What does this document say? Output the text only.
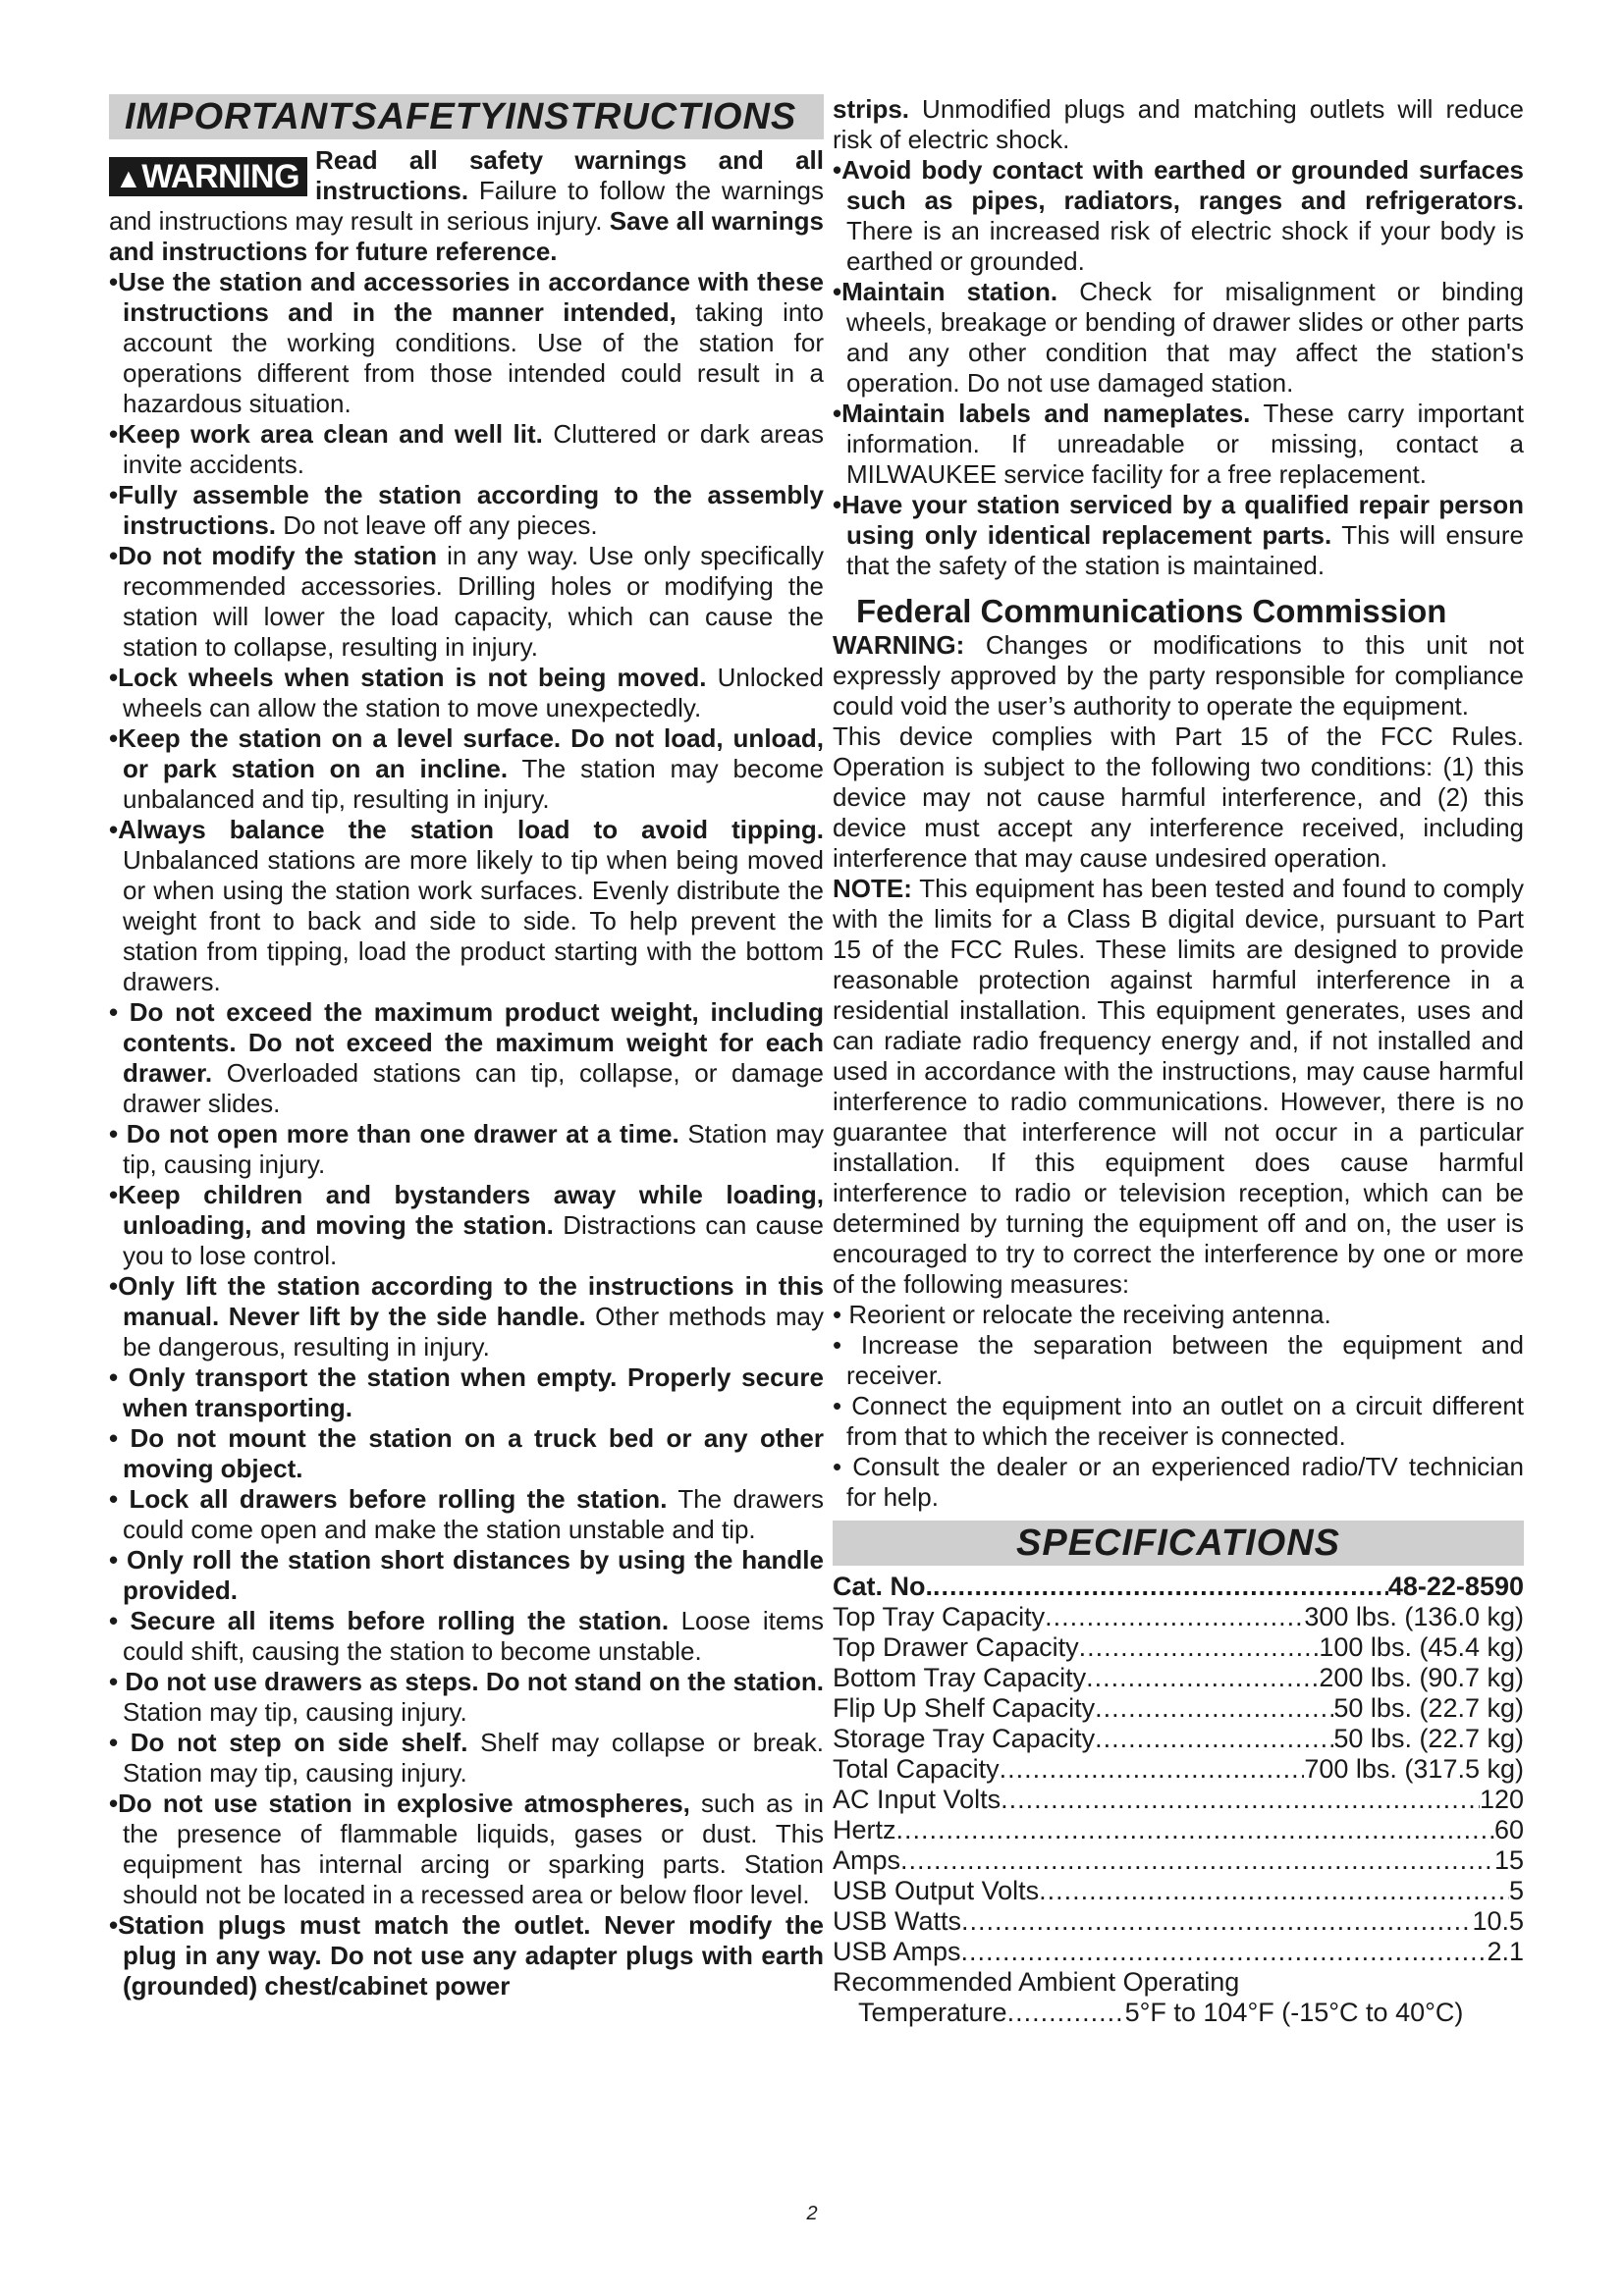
IMPORTANTSAFETYINSTRUCTIONS
▲WARNING Read all safety warnings and all instructions. Failure to follow the warnings and instructions may result in serious injury. Save all warnings and instructions for future reference.

•Use the station and accessories in accordance with these instructions and in the manner intended, taking into account the working conditions. Use of the station for operations different from those intended could result in a hazardous situation.

•Keep work area clean and well lit. Cluttered or dark areas invite accidents.

•Fully assemble the station according to the assembly instructions. Do not leave off any pieces.

•Do not modify the station in any way. Use only specifically recommended accessories. Drilling holes or modifying the station will lower the load capacity, which can cause the station to collapse, resulting in injury.

•Lock wheels when station is not being moved. Unlocked wheels can allow the station to move unexpectedly.

•Keep the station on a level surface. Do not load, unload, or park station on an incline. The station may become unbalanced and tip, resulting in injury.

•Always balance the station load to avoid tipping. Unbalanced stations are more likely to tip when being moved or when using the station work surfaces. Evenly distribute the weight front to back and side to side. To help prevent the station from tipping, load the product starting with the bottom drawers.

• Do not exceed the maximum product weight, including contents. Do not exceed the maximum weight for each drawer. Overloaded stations can tip, collapse, or damage drawer slides.

• Do not open more than one drawer at a time. Station may tip, causing injury.

•Keep children and bystanders away while loading, unloading, and moving the station. Distractions can cause you to lose control.

•Only lift the station according to the instructions in this manual. Never lift by the side handle. Other methods may be dangerous, resulting in injury.

• Only transport the station when empty. Properly secure when transporting.

• Do not mount the station on a truck bed or any other moving object.

• Lock all drawers before rolling the station. The drawers could come open and make the station unstable and tip.

• Only roll the station short distances by using the handle provided.

• Secure all items before rolling the station. Loose items could shift, causing the station to become unstable.

• Do not use drawers as steps. Do not stand on the station. Station may tip, causing injury.

• Do not step on side shelf. Shelf may collapse or break. Station may tip, causing injury.

•Do not use station in explosive atmospheres, such as in the presence of flammable liquids, gases or dust. This equipment has internal arcing or sparking parts. Station should not be located in a recessed area or below floor level.

•Station plugs must match the outlet. Never modify the plug in any way. Do not use any adapter plugs with earth (grounded) chest/cabinet power

strips. Unmodified plugs and matching outlets will reduce risk of electric shock.

•Avoid body contact with earthed or grounded surfaces such as pipes, radiators, ranges and refrigerators. There is an increased risk of electric shock if your body is earthed or grounded.

•Maintain station. Check for misalignment or binding wheels, breakage or bending of drawer slides or other parts and any other condition that may affect the station's operation. Do not use damaged station.

•Maintain labels and nameplates. These carry important information. If unreadable or missing, contact a MILWAUKEE service facility for a free replacement.

•Have your station serviced by a qualified repair person using only identical replacement parts. This will ensure that the safety of the station is maintained.

Federal Communications Commission

WARNING: Changes or modifications to this unit not expressly approved by the party responsible for compliance could void the user’s authority to operate the equipment.

This device complies with Part 15 of the FCC Rules. Operation is subject to the following two conditions: (1) this device may not cause harmful interference, and (2) this device must accept any interference received, including interference that may cause undesired operation.

NOTE: This equipment has been tested and found to comply with the limits for a Class B digital device, pursuant to Part 15 of the FCC Rules. These limits are designed to provide reasonable protection against harmful interference in a residential installation. This equipment generates, uses and can radiate radio frequency energy and, if not installed and used in accordance with the instructions, may cause harmful interference to radio communications. However, there is no guarantee that interference will not occur in a particular installation. If this equipment does cause harmful interference to radio or television reception, which can be determined by turning the equipment off and on, the user is encouraged to try to correct the interference by one or more of the following measures:

• Reorient or relocate the receiving antenna.

• Increase the separation between the equipment and receiver.

• Connect the equipment into an outlet on a circuit different from that to which the receiver is connected.

• Consult the dealer or an experienced radio/TV technician for help.

SPECIFICATIONS
Cat. No. .....	48-22-8590
Top Tray Capacity .....	300 lbs. (136.0 kg)
Top Drawer Capacity .....	100 lbs. (45.4 kg)
Bottom Tray Capacity .....	200 lbs. (90.7 kg)
Flip Up Shelf Capacity .....	50 lbs. (22.7 kg)
Storage Tray Capacity .....	50 lbs. (22.7 kg)
Total Capacity .....	700 lbs. (317.5 kg)
AC Input Volts .....	120
Hertz .....	60
Amps .....	15
USB Output Volts .....	5
USB Watts .....	10.5
USB Amps .....	2.1
Recommended Ambient Operating
Temperature .....	5°F to 104°F (-15°C to 40°C)
2
